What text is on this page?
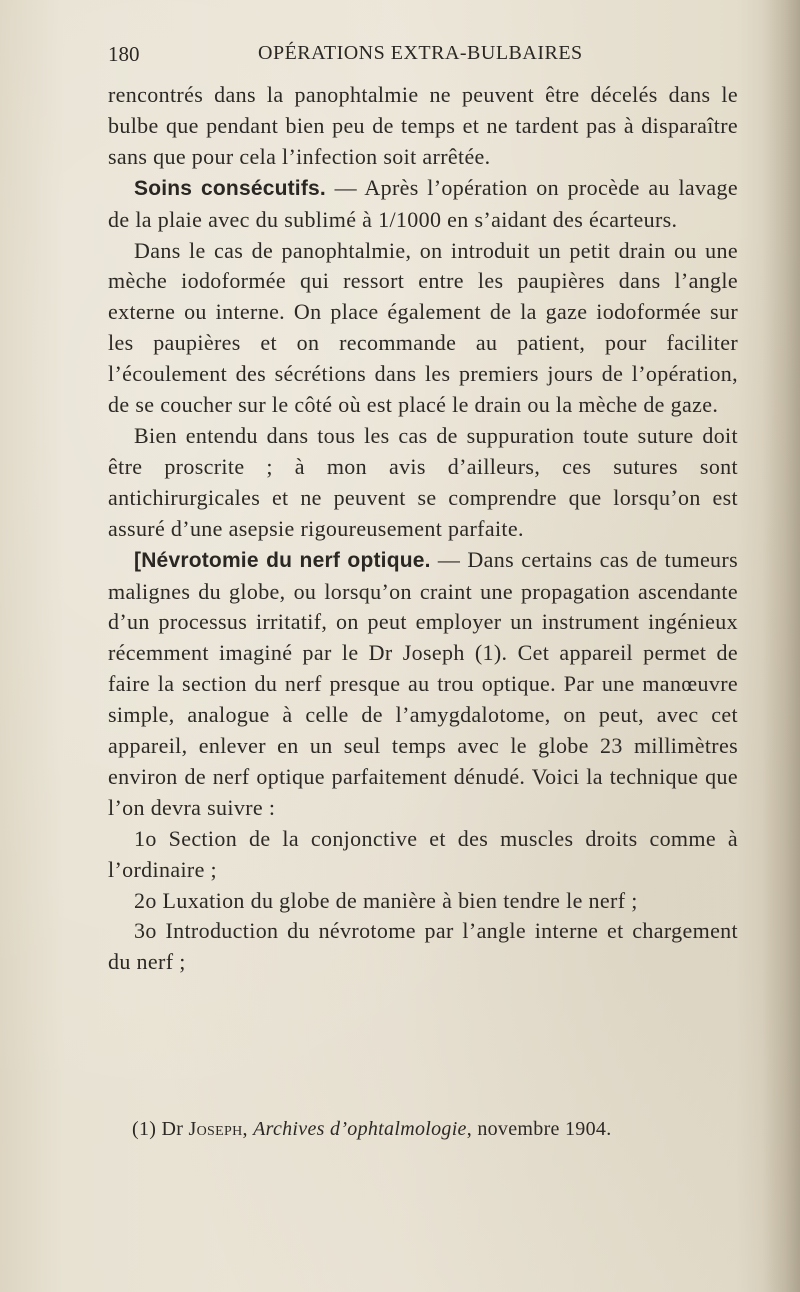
180	OPÉRATIONS EXTRA-BULBAIRES

rencontrés dans la panophtalmie ne peuvent être décelés dans le bulbe que pendant bien peu de temps et ne tardent pas à disparaître sans que pour cela l’infection soit arrêtée.

Soins consécutifs. — Après l’opération on procède au lavage de la plaie avec du sublimé à 1/1000 en s’aidant des écarteurs.

Dans le cas de panophtalmie, on introduit un petit drain ou une mèche iodoformée qui ressort entre les paupières dans l’angle externe ou interne. On place également de la gaze iodoformée sur les paupières et on recommande au patient, pour faciliter l’écoulement des sécrétions dans les premiers jours de l’opération, de se coucher sur le côté où est placé le drain ou la mèche de gaze.

Bien entendu dans tous les cas de suppuration toute suture doit être proscrite ; à mon avis d’ailleurs, ces sutures sont antichirurgicales et ne peuvent se comprendre que lorsqu’on est assuré d’une asepsie rigoureusement parfaite.

[Névrotomie du nerf optique. — Dans certains cas de tumeurs malignes du globe, ou lorsqu’on craint une propagation ascendante d’un processus irritatif, on peut employer un instrument ingénieux récemment imaginé par le Dr Joseph (1). Cet appareil permet de faire la section du nerf presque au trou optique. Par une manœuvre simple, analogue à celle de l’amygdalotome, on peut, avec cet appareil, enlever en un seul temps avec le globe 23 millimètres environ de nerf optique parfaitement dénudé. Voici la technique que l’on devra suivre :

1o Section de la conjonctive et des muscles droits comme à l’ordinaire ;

2o Luxation du globe de manière à bien tendre le nerf ;

3o Introduction du névrotome par l’angle interne et chargement du nerf ;

(1) Dr Joseph, Archives d’ophtalmologie, novembre 1904.
